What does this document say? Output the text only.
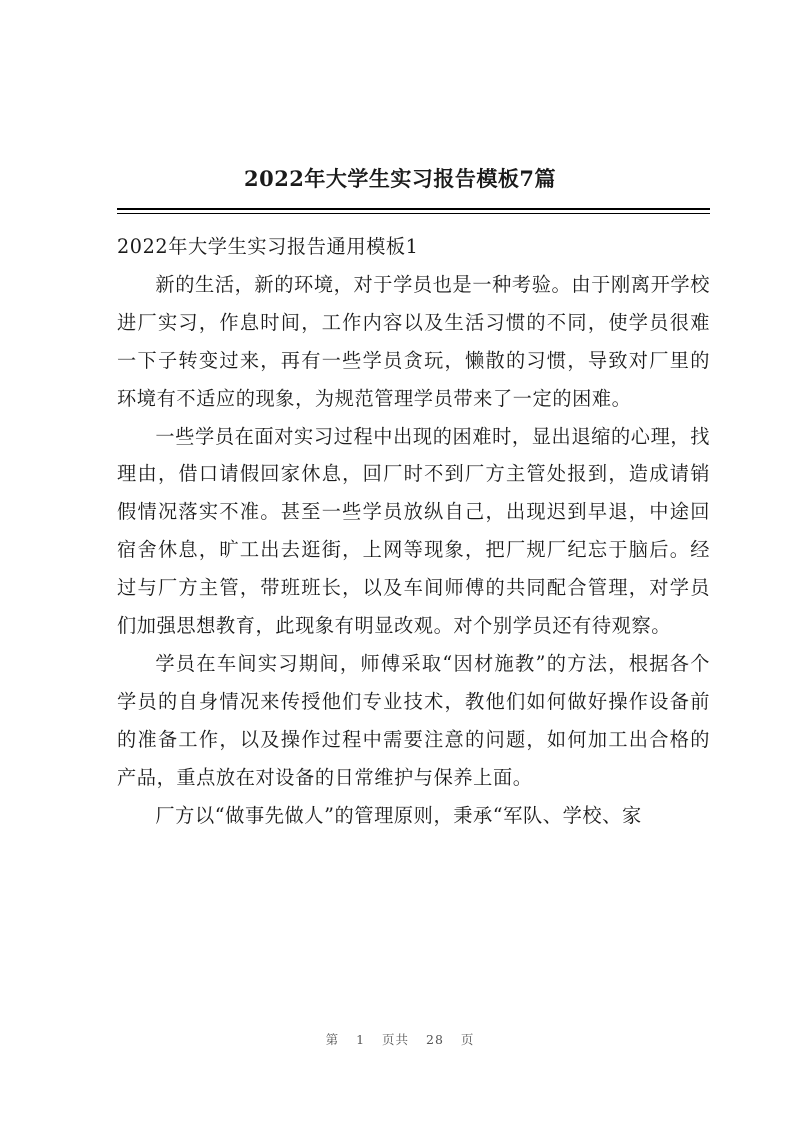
2022年大学生实习报告模板7篇

2022年大学生实习报告通用模板1

新的生活，新的环境，对于学员也是一种考验。由于刚离开学校进厂实习，作息时间，工作内容以及生活习惯的不同，使学员很难一下子转变过来，再有一些学员贪玩，懒散的习惯，导致对厂里的环境有不适应的现象，为规范管理学员带来了一定的困难。

一些学员在面对实习过程中出现的困难时，显出退缩的心理，找理由，借口请假回家休息，回厂时不到厂方主管处报到，造成请销假情况落实不准。甚至一些学员放纵自己，出现迟到早退，中途回宿舍休息，旷工出去逛街，上网等现象，把厂规厂纪忘于脑后。经过与厂方主管，带班班长，以及车间师傅的共同配合管理，对学员们加强思想教育，此现象有明显改观。对个别学员还有待观察。

学员在车间实习期间，师傅采取“因材施教”的方法，根据各个学员的自身情况来传授他们专业技术，教他们如何做好操作设备前的准备工作，以及操作过程中需要注意的问题，如何加工出合格的产品，重点放在对设备的日常维护与保养上面。

厂方以“做事先做人”的管理原则，秉承“军队、学校、家

第 1 页共 28 页
